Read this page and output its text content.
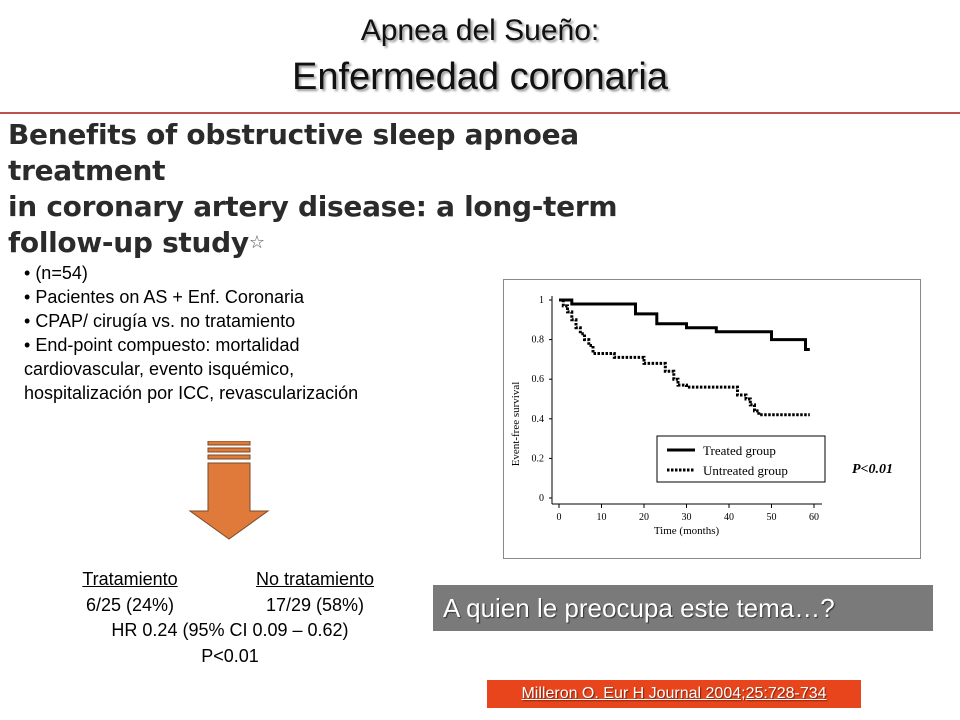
Apnea del Sueño:
Enfermedad coronaria
Benefits of obstructive sleep apnoea treatment
in coronary artery disease: a long-term
follow-up study☆
• (n=54)
• Pacientes on AS + Enf. Coronaria
• CPAP/ cirugía vs. no tratamiento
• End-point compuesto: mortalidad
cardiovascular, evento isquémico,
hospitalización por ICC, revascularización
Tratamiento	No tratamiento
6/25 (24%)	17/29 (58%)
HR 0.24 (95% CI 0.09 – 0.62)
P<0.01
0
0.2
0.4
0.6
0.8
1
0	10	20	30	40	50	60
Time (months)
Event-free survival	Treated group
Untreated group	P<0.01
A quien le preocupa este tema…?
Milleron O. Eur H Journal 2004;25:728-734
